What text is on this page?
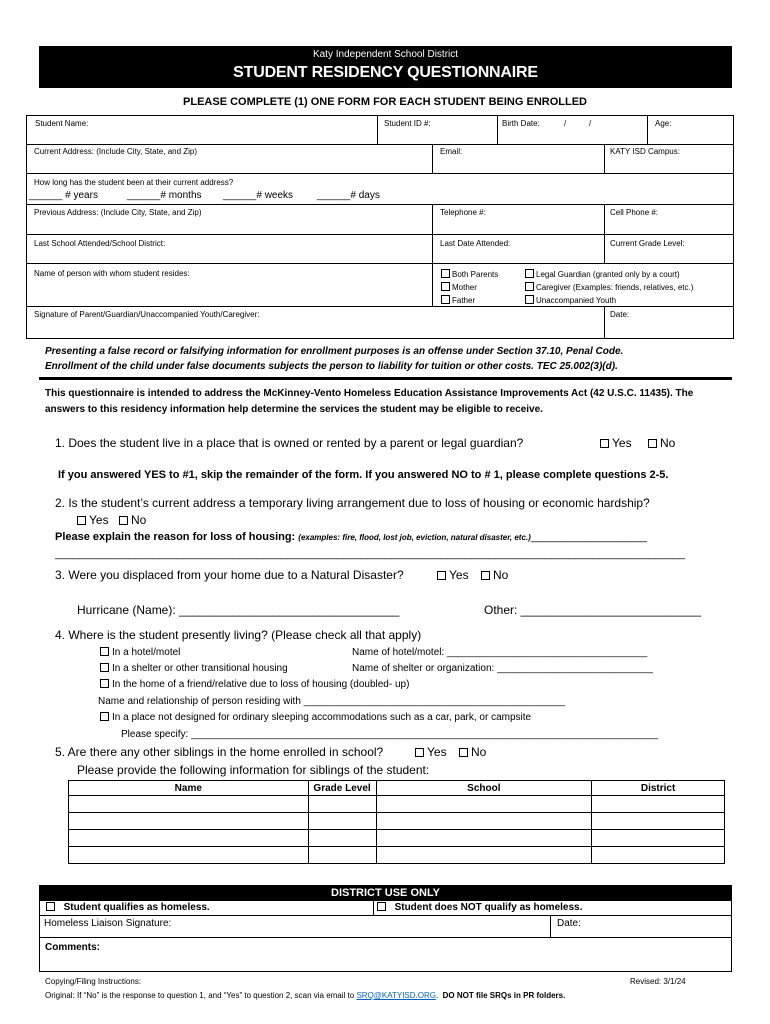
Katy Independent School District
STUDENT RESIDENCY QUESTIONNAIRE
PLEASE COMPLETE (1) ONE FORM FOR EACH STUDENT BEING ENROLLED
Student Name:	Student ID #:	Birth Date:	/	/	Age:
Current Address: (Include City, State, and Zip)	Email:	KATY ISD Campus:
How long has the student been at their current address?
______ # years	______# months ______# weeks ______# days
Previous Address: (Include City, State, and Zip)	Telephone #:	Cell Phone #:
Last School Attended/School District:	Last Date Attended:	Current Grade Level:
Name of person with whom student resides:	Both Parents
Mother
Father
Legal Guardian (granted only by a court)
Caregiver (Examples: friends, relatives, etc.)
Unaccompanied Youth
Signature of Parent/Guardian/Unaccompanied Youth/Caregiver:	Date:
Presenting a false record or falsifying information for enrollment purposes is an offense under Section 37.10, Penal Code.
Enrollment of the child under false documents subjects the person to liability for tuition or other costs. TEC 25.002(3)(d).
This questionnaire is intended to address the McKinney-Vento Homeless Education Assistance Improvements Act (42 U.S.C. 11435). The answers to this residency information help determine the services the student may be eligible to receive.
1. Does the student live in a place that is owned or rented by a parent or legal guardian?	Yes	No
If you answered YES to #1, skip the remainder of the form. If you answered NO to # 1, please complete questions 2-5.
2. Is the student’s current address a temporary living arrangement due to loss of housing or economic hardship?
Yes	No
Please explain the reason for loss of housing: (examples: fire, flood, lost job, eviction, natural disaster, etc.)___________________
_______________________________________________________________________________________________________
3. Were you displaced from your home due to a Natural Disaster?	Yes	No
Hurricane (Name): _________________________________	Other: ___________________________
4. Where is the student presently living? (Please check all that apply)
In a hotel/motel	Name of hotel/motel: ____________________________________
In a shelter or other transitional housing	Name of shelter or organization: ____________________________
In the home of a friend/relative due to loss of housing (doubled- up)
Name and relationship of person residing with _______________________________________________
In a place not designed for ordinary sleeping accommodations such as a car, park, or campsite
Please specify: ____________________________________________________________________________________
5. Are there any other siblings in the home enrolled in school?	Yes	No
Please provide the following information for siblings of the student:
Name	Grade Level	School	District

DISTRICT USE ONLY
Student qualifies as homeless.	Student does NOT qualify as homeless.
Homeless Liaison Signature:	Date:
Comments:
Copying/Filing Instructions:	Revised: 3/1/24
Original: If “No” is the response to question 1, and “Yes” to question 2, scan via email to SRQ@KATYISD.ORG.  DO NOT file SRQs in PR folders.
